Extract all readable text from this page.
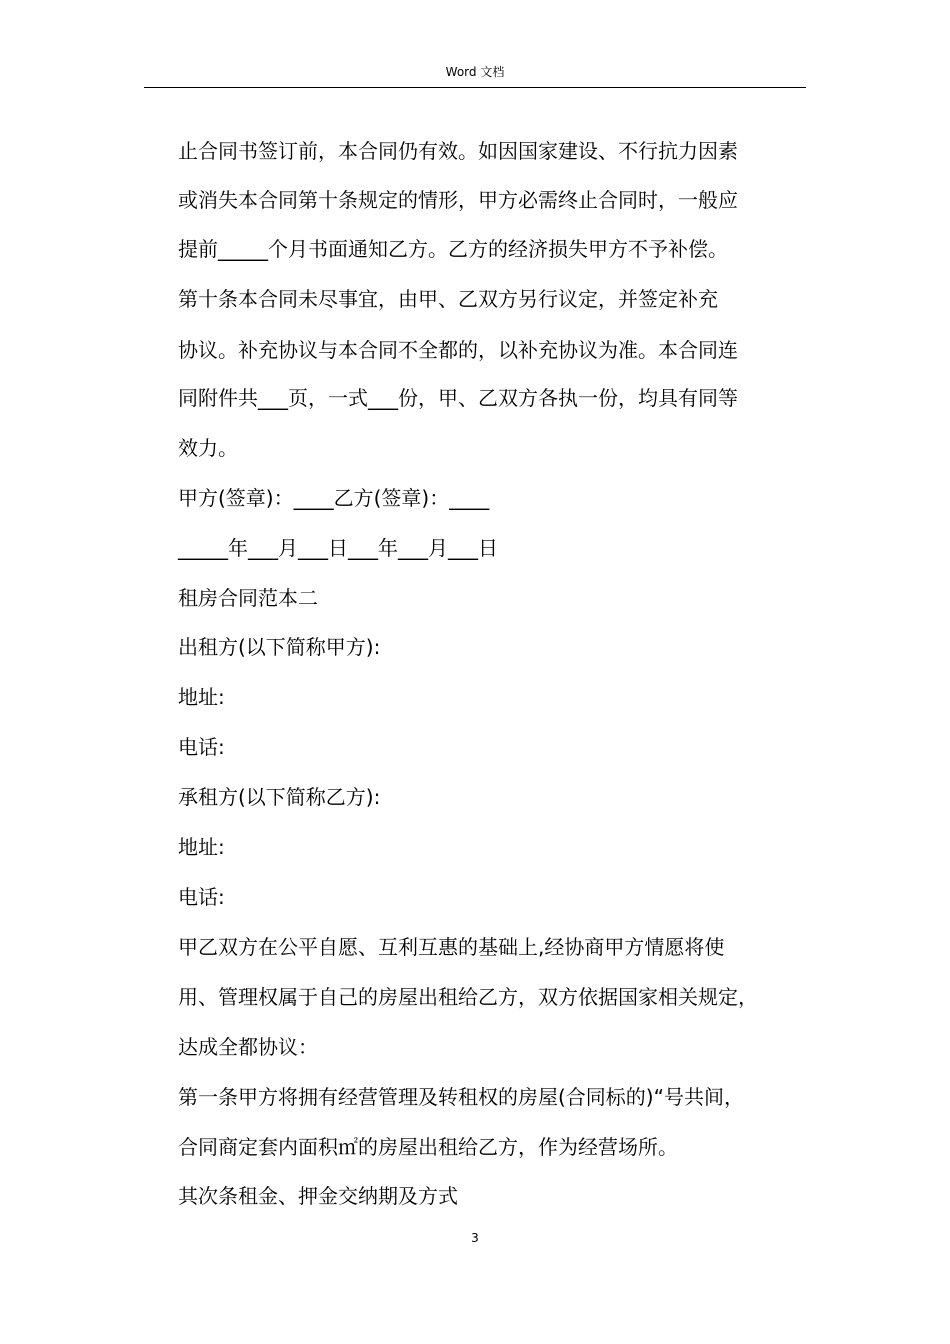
Word 文档
止合同书签订前，本合同仍有效。如因国家建设、不行抗力因素
或消失本合同第十条规定的情形，甲方必需终止合同时，一般应
提前_____个月书面通知乙方。乙方的经济损失甲方不予补偿。
第十条本合同未尽事宜，由甲、乙双方另行议定，并签定补充
协议。补充协议与本合同不全都的，以补充协议为准。本合同连
同附件共___页，一式___份，甲、乙双方各执一份，均具有同等
效力。
甲方(签章)：____乙方(签章)：____
_____年___月___日___年___月___日
租房合同范本二
出租方(以下简称甲方):
地址:
电话:
承租方(以下简称乙方):
地址:
电话:
甲乙双方在公平自愿、互利互惠的基础上,经协商甲方情愿将使
用、管理权属于自己的房屋出租给乙方，双方依据国家相关规定，
达成全都协议：
第一条甲方将拥有经营管理及转租权的房屋(合同标的)“号共间，
合同商定套内面积㎡的房屋出租给乙方，作为经营场所。
其次条租金、押金交纳期及方式
3
